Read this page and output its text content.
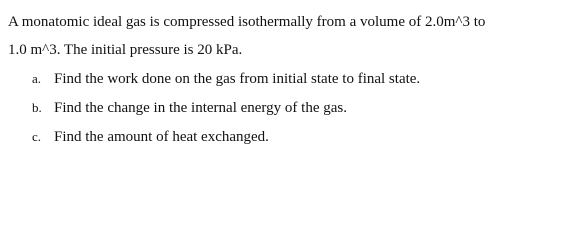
A monatomic ideal gas is compressed isothermally from a volume of 2.0m^3 to
1.0 m^3. The initial pressure is 20 kPa.
a. Find the work done on the gas from initial state to final state.
b. Find the change in the internal energy of the gas.
c. Find the amount of heat exchanged.
